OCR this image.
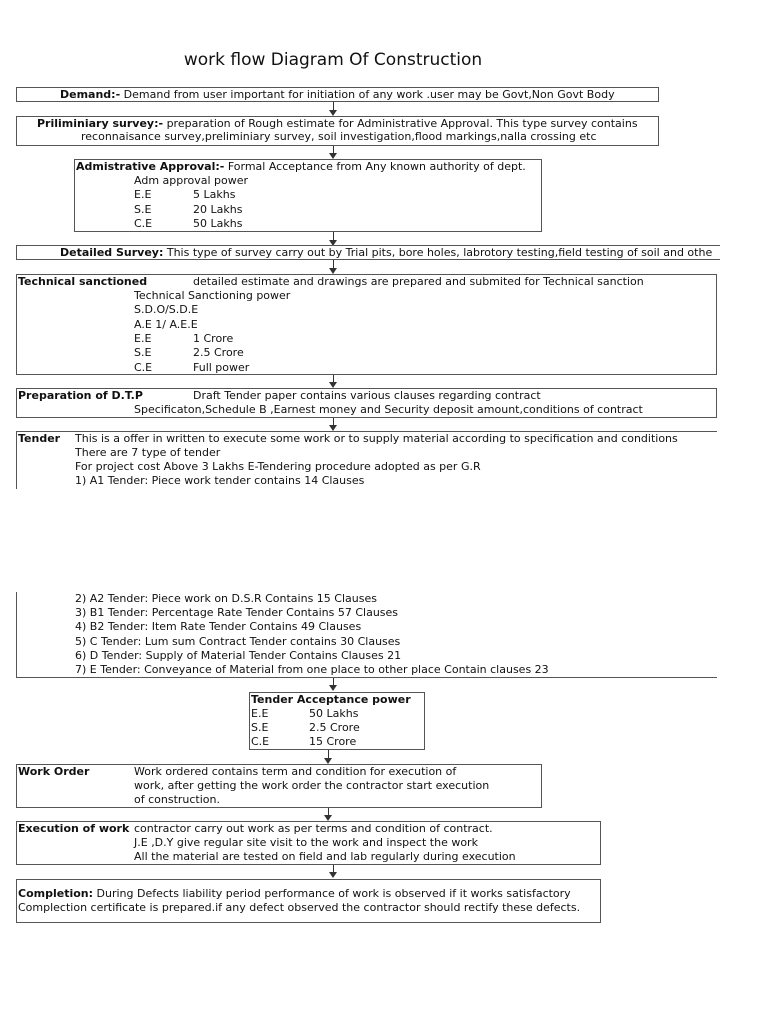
work flow Diagram Of Construction
Demand:- Demand from user important for initiation of any work .user may be Govt,Non Govt Body
Priliminiary survey:- preparation of Rough estimate for Administrative Approval. This type survey contains
reconnaisance survey,preliminiary survey, soil investigation,flood markings,nalla crossing etc
Admistrative Approval:- Formal Acceptance from Any known authority of dept.
Adm approval power
E.E	5 Lakhs
S.E	20 Lakhs
C.E	50 Lakhs
Detailed Survey: This type of survey carry out by Trial pits, bore holes, labrotory testing,field testing of soil and othe
Technical sanctioned	detailed estimate and drawings are prepared and submited for Technical sanction
Technical Sanctioning power
S.D.O/S.D.E
A.E 1/ A.E.E
E.E	1 Crore
S.E	2.5 Crore
C.E	Full power
Preparation of D.T.P	Draft Tender paper contains various clauses regarding contract
Specificaton,Schedule B ,Earnest money and Security deposit amount,conditions of contract
Tender This is a offer in written to execute some work or to supply material according to specification and conditions
There are 7 type of tender
For project cost Above 3 Lakhs E-Tendering procedure adopted as per G.R
1) A1 Tender: Piece work tender contains 14 Clauses
2) A2 Tender: Piece work on D.S.R Contains 15 Clauses
3) B1 Tender: Percentage Rate Tender Contains 57 Clauses
4) B2 Tender: Item Rate Tender Contains 49 Clauses
5) C Tender: Lum sum Contract Tender contains 30 Clauses
6) D Tender: Supply of Material Tender Contains Clauses 21
7) E Tender: Conveyance of Material from one place to other place Contain clauses 23
Tender Acceptance power
E.E	50 Lakhs
S.E	2.5 Crore
C.E	15 Crore
Work Order	Work ordered contains term and condition for execution of
work, after getting the work order the contractor start execution
of construction.
Execution of work contractor carry out work as per terms and condition of contract.
J.E ,D.Y give regular site visit to the work and inspect the work
All the material are tested on field and lab regularly during execution
Completion: During Defects liability period performance of work is observed if it works satisfactory
Complection certificate is prepared.if any defect observed the contractor should rectify these defects.
